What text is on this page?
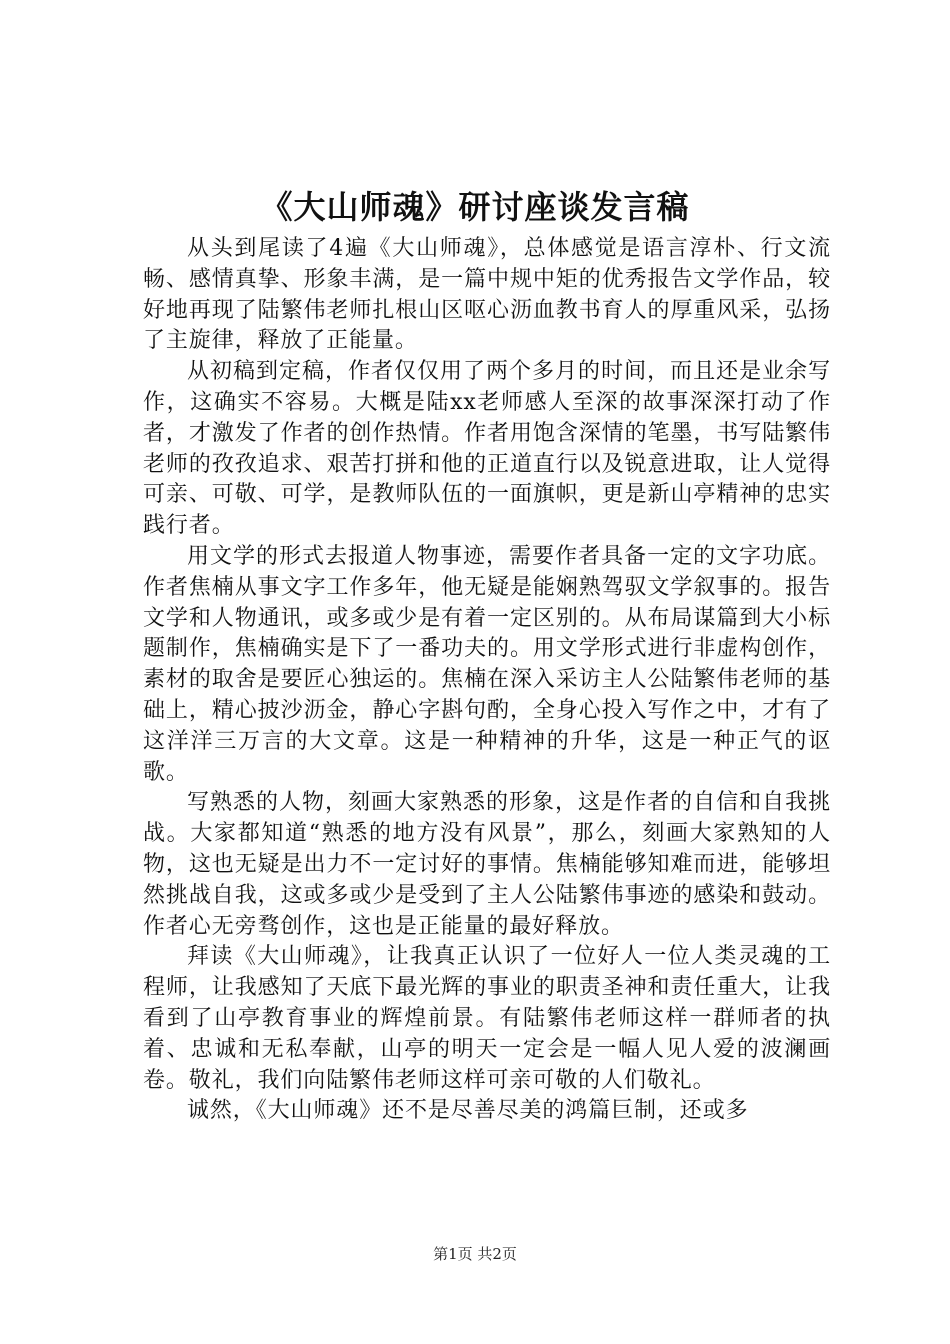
《大山师魂》研讨座谈发言稿

从头到尾读了4遍《大山师魂》，总体感觉是语言淳朴、行文流畅、感情真挚、形象丰满，是一篇中规中矩的优秀报告文学作品，较好地再现了陆繁伟老师扎根山区呕心沥血教书育人的厚重风采，弘扬了主旋律，释放了正能量。

从初稿到定稿，作者仅仅用了两个多月的时间，而且还是业余写作，这确实不容易。大概是陆xx老师感人至深的故事深深打动了作者，才激发了作者的创作热情。作者用饱含深情的笔墨，书写陆繁伟老师的孜孜追求、艰苦打拼和他的正道直行以及锐意进取，让人觉得可亲、可敬、可学，是教师队伍的一面旗帜，更是新山亭精神的忠实践行者。

用文学的形式去报道人物事迹，需要作者具备一定的文字功底。作者焦楠从事文字工作多年，他无疑是能娴熟驾驭文学叙事的。报告文学和人物通讯，或多或少是有着一定区别的。从布局谋篇到大小标题制作，焦楠确实是下了一番功夫的。用文学形式进行非虚构创作，素材的取舍是要匠心独运的。焦楠在深入采访主人公陆繁伟老师的基础上，精心披沙沥金，静心字斟句酌，全身心投入写作之中，才有了这洋洋三万言的大文章。这是一种精神的升华，这是一种正气的讴歌。

写熟悉的人物，刻画大家熟悉的形象，这是作者的自信和自我挑战。大家都知道“熟悉的地方没有风景”，那么，刻画大家熟知的人物，这也无疑是出力不一定讨好的事情。焦楠能够知难而进，能够坦然挑战自我，这或多或少是受到了主人公陆繁伟事迹的感染和鼓动。作者心无旁骛创作，这也是正能量的最好释放。

拜读《大山师魂》，让我真正认识了一位好人一位人类灵魂的工程师，让我感知了天底下最光辉的事业的职责圣神和责任重大，让我看到了山亭教育事业的辉煌前景。有陆繁伟老师这样一群师者的执着、忠诚和无私奉献，山亭的明天一定会是一幅人见人爱的波澜画卷。敬礼，我们向陆繁伟老师这样可亲可敬的人们敬礼。

诚然，《大山师魂》还不是尽善尽美的鸿篇巨制，还或多

第1页 共2页
